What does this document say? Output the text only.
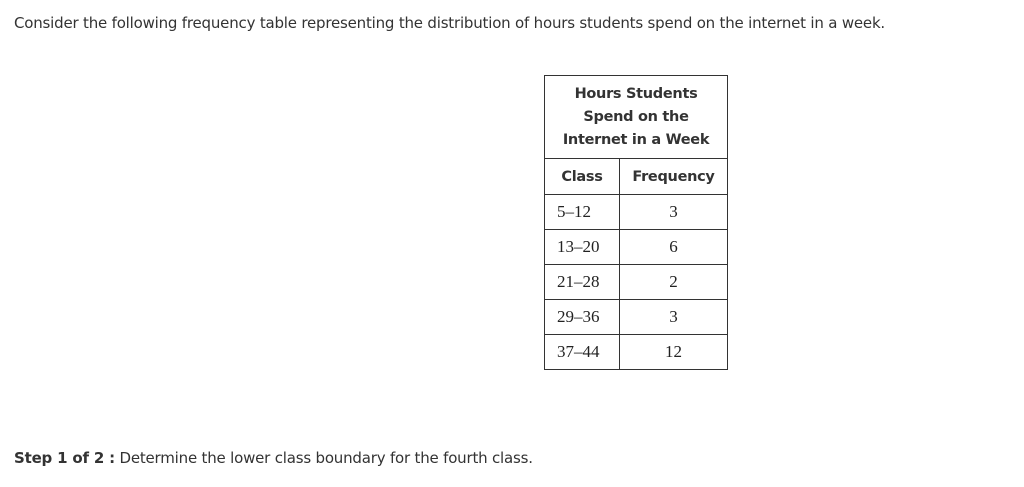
Consider the following frequency table representing the distribution of hours students spend on the internet in a week.
Hours Students
Spend on the
Internet in a Week	

Class	Frequency
5–12	3
13–20	6
21–28	2
29–36	3
37–44	12
Step 1 of 2 : Determine the lower class boundary for the fourth class.
